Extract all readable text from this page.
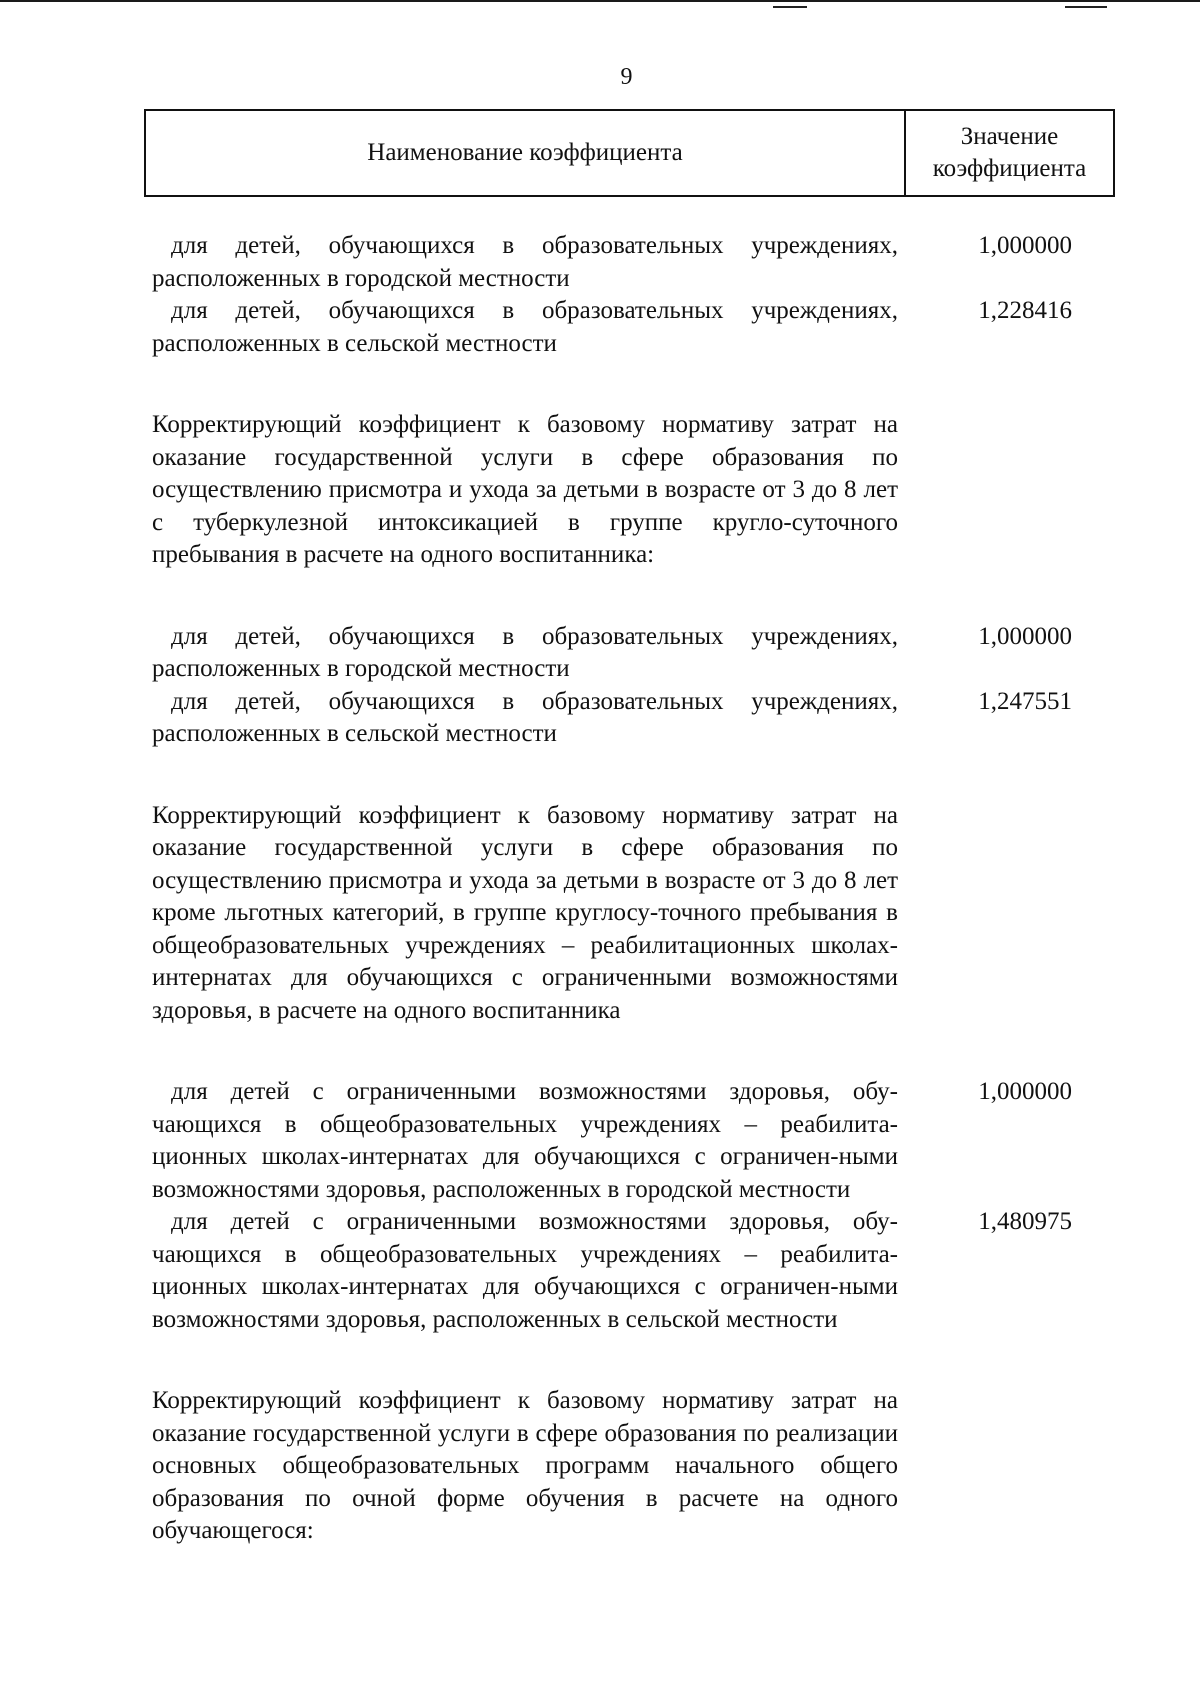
9
Наименование коэффициента
Значение коэффициента
для детей, обучающихся в образовательных учреждениях, расположенных в городской местности
1,000000
для детей, обучающихся в образовательных учреждениях, расположенных в сельской местности
1,228416
Корректирующий коэффициент к базовому нормативу затрат на оказание государственной услуги в сфере образования по осуществлению присмотра и ухода за детьми в возрасте от 3 до 8 лет с туберкулезной интоксикацией в группе кругло-суточного пребывания в расчете на одного воспитанника:
для детей, обучающихся в образовательных учреждениях, расположенных в городской местности
1,000000
для детей, обучающихся в образовательных учреждениях, расположенных в сельской местности
1,247551
Корректирующий коэффициент к базовому нормативу затрат на оказание государственной услуги в сфере образования по осуществлению присмотра и ухода за детьми в возрасте от 3 до 8 лет кроме льготных категорий, в группе круглосу-точного пребывания в общеобразовательных учреждениях – реабилитационных школах-интернатах для обучающихся с ограниченными возможностями здоровья, в расчете на одного воспитанника
для детей с ограниченными возможностями здоровья, обу-чающихся в общеобразовательных учреждениях – реабилита-ционных школах-интернатах для обучающихся с ограничен-ными возможностями здоровья, расположенных в городской местности
1,000000
для детей с ограниченными возможностями здоровья, обу-чающихся в общеобразовательных учреждениях – реабилита-ционных школах-интернатах для обучающихся с ограничен-ными возможностями здоровья, расположенных в сельской местности
1,480975
Корректирующий коэффициент к базовому нормативу затрат на оказание государственной услуги в сфере образования по реализации основных общеобразовательных программ начального общего образования по очной форме обучения в расчете на одного обучающегося:
